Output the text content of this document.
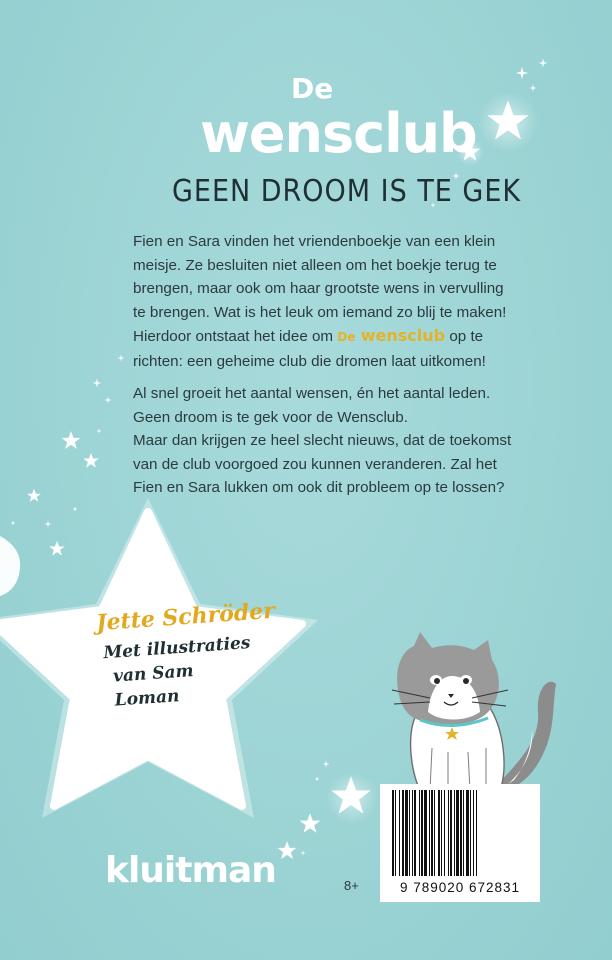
De
wensclub
GEEN DROOM IS TE GEK

Fien en Sara vinden het vriendenboekje van een klein

meisje. Ze besluiten niet alleen om het boekje terug te

brengen, maar ook om haar grootste wens in vervulling

te brengen. Wat is het leuk om iemand zo blij te maken!

Hierdoor ontstaat het idee om De wensclub op te

richten: een geheime club die dromen laat uitkomen!

Al snel groeit het aantal wensen, én het aantal leden.

Geen droom is te gek voor de Wensclub.

Maar dan krijgen ze heel slecht nieuws, dat de toekomst

van de club voorgoed zou kunnen veranderen. Zal het

Fien en Sara lukken om ook dit probleem op te lossen?

Jette Schröder
Met illustraties
van Sam Loman
kluitman	8+	9 789020 672831
